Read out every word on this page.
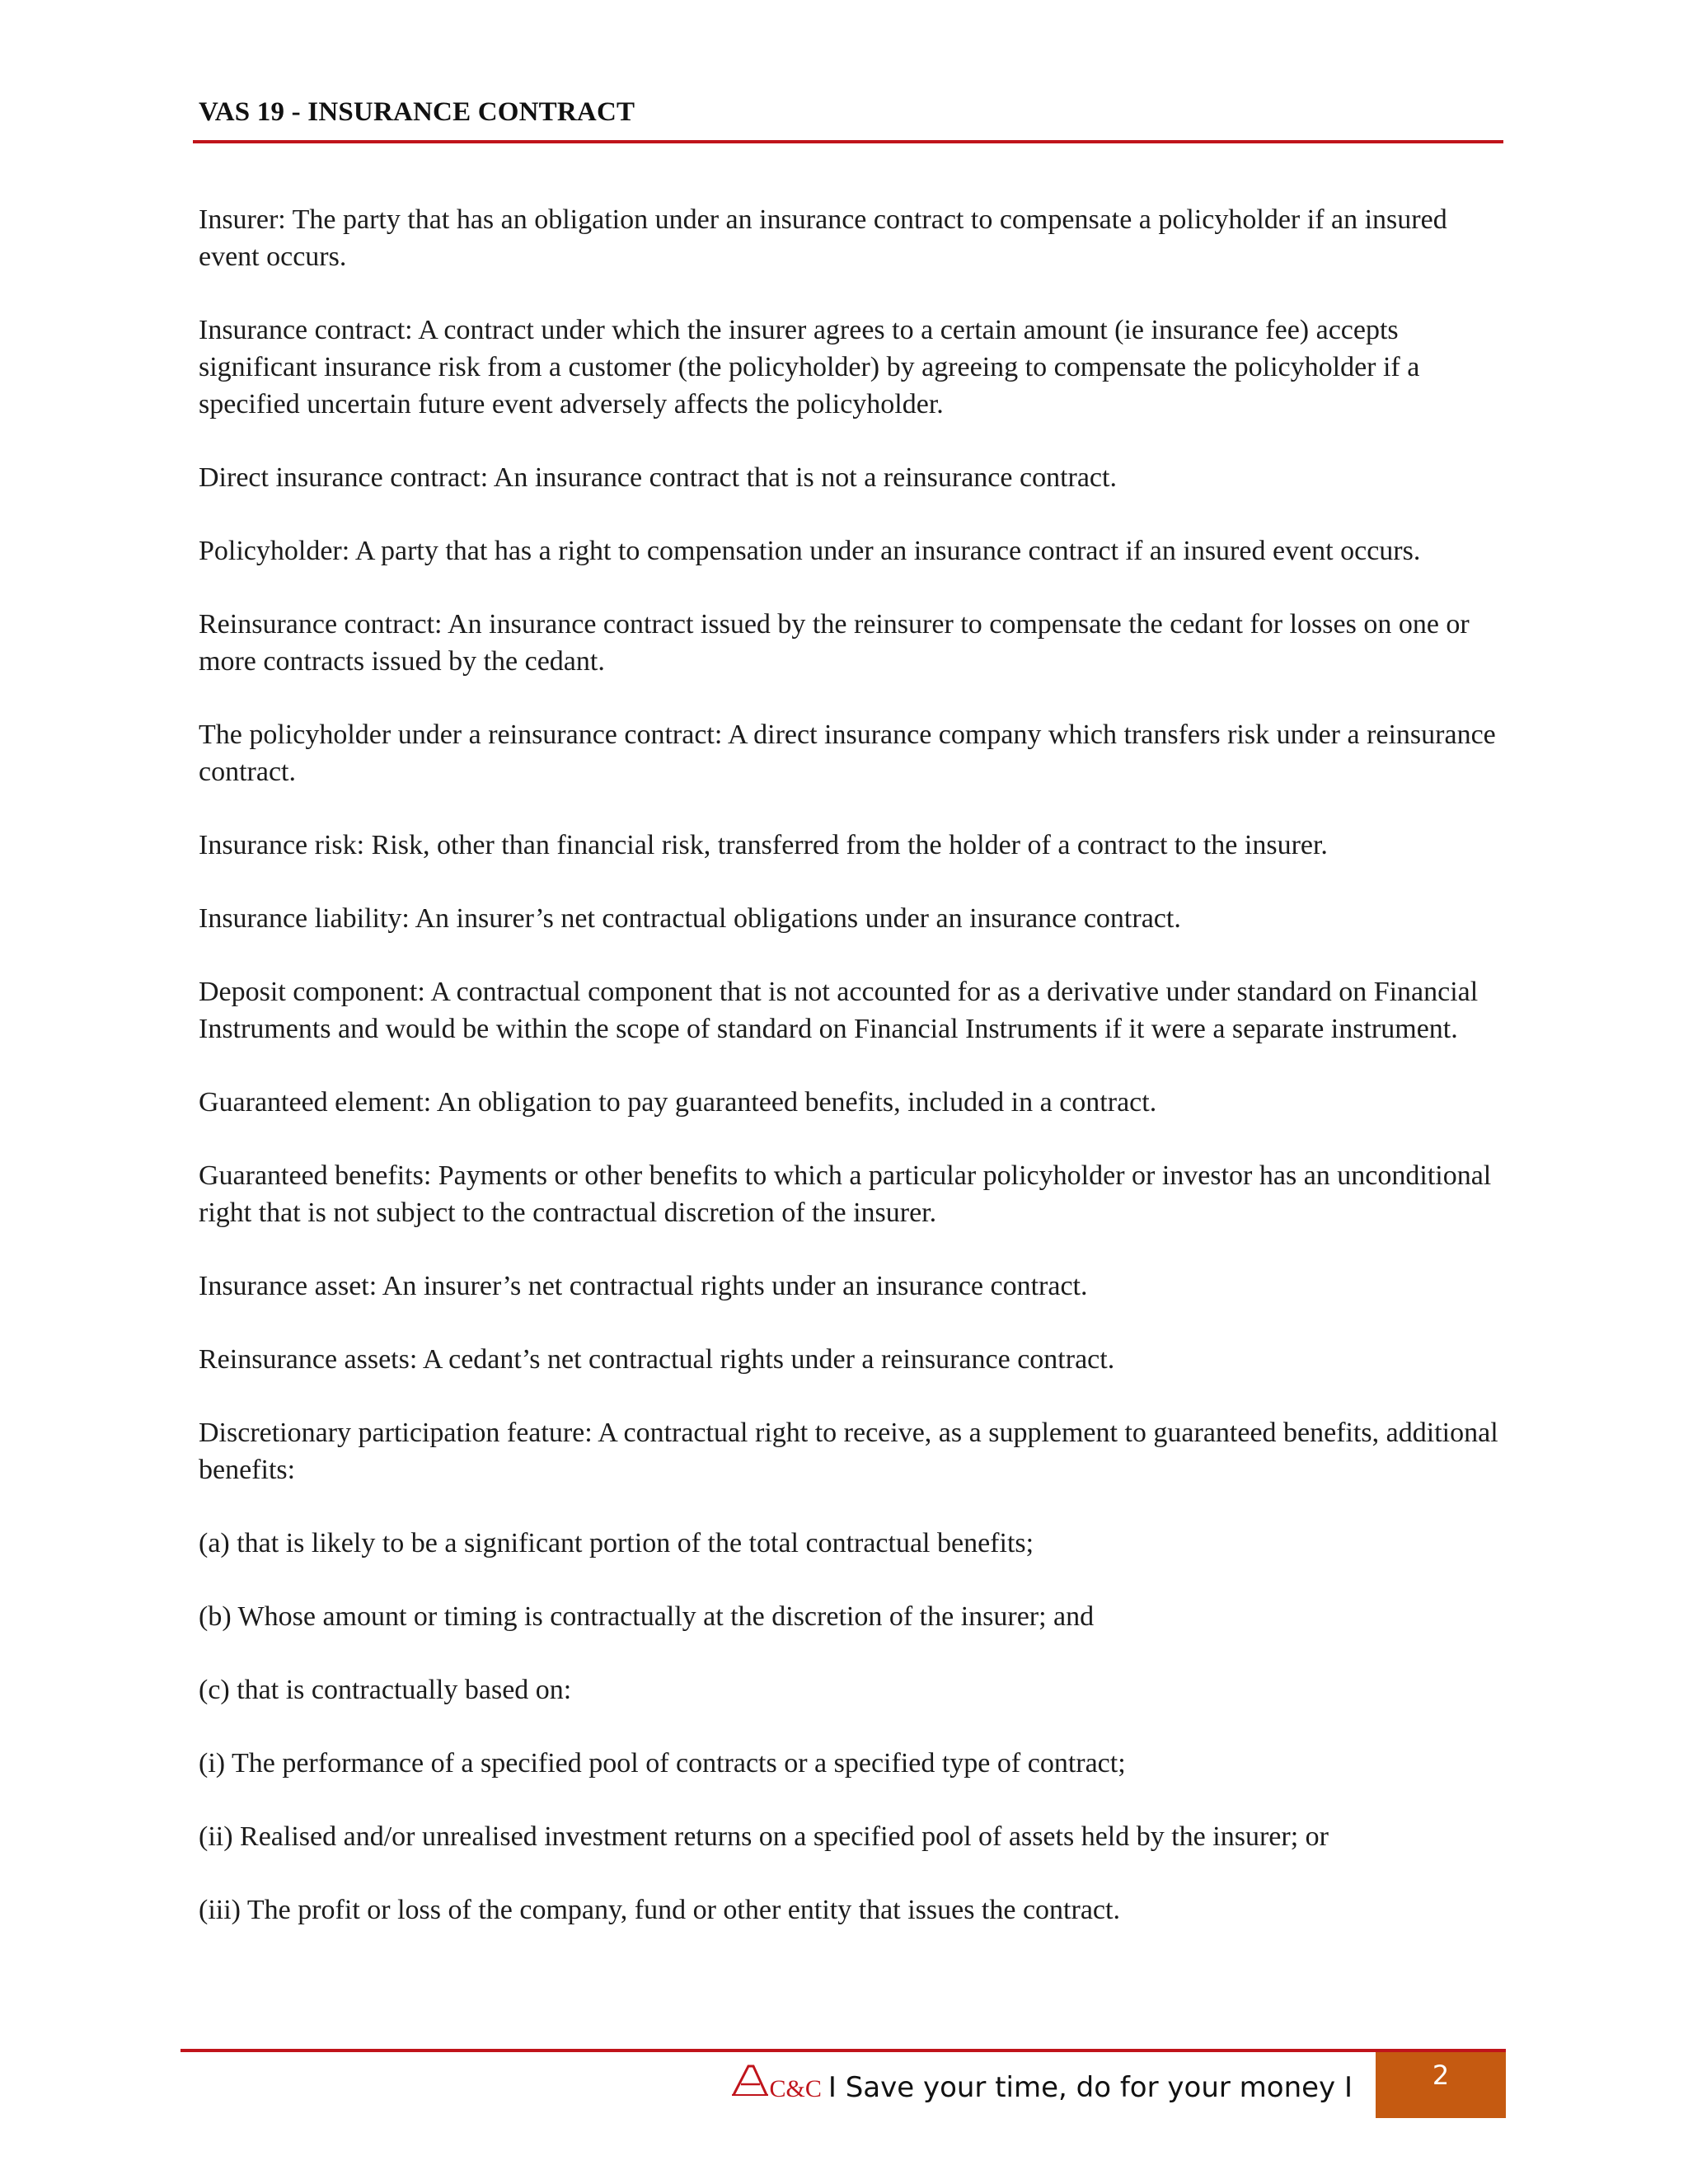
VAS 19 - INSURANCE CONTRACT

Insurer: The party that has an obligation under an insurance contract to compensate a policyholder if an insured event occurs.

Insurance contract: A contract under which the insurer agrees to a certain amount (ie insurance fee) accepts significant insurance risk from a customer (the policyholder) by agreeing to compensate the policyholder if a specified uncertain future event adversely affects the policyholder.

Direct insurance contract: An insurance contract that is not a reinsurance contract.

Policyholder: A party that has a right to compensation under an insurance contract if an insured event occurs.

Reinsurance contract: An insurance contract issued by the reinsurer to compensate the cedant for losses on one or more contracts issued by the cedant.

The policyholder under a reinsurance contract: A direct insurance company which transfers risk under a reinsurance contract.

Insurance risk: Risk, other than financial risk, transferred from the holder of a contract to the insurer.

Insurance liability: An insurer’s net contractual obligations under an insurance contract.

Deposit component: A contractual component that is not accounted for as a derivative under standard on Financial Instruments and would be within the scope of standard on Financial Instruments if it were a separate instrument.

Guaranteed element: An obligation to pay guaranteed benefits, included in a contract.

Guaranteed benefits: Payments or other benefits to which a particular policyholder or investor has an unconditional right that is not subject to the contractual discretion of the insurer.

Insurance asset: An insurer’s net contractual rights under an insurance contract.

Reinsurance assets: A cedant’s net contractual rights under a reinsurance contract.

Discretionary participation feature: A contractual right to receive, as a supplement to guaranteed benefits, additional benefits:

(a) that is likely to be a significant portion of the total contractual benefits;

(b) Whose amount or timing is contractually at the discretion of the insurer; and

(c) that is contractually based on:

(i) The performance of a specified pool of contracts or a specified type of contract;

(ii) Realised and/or unrealised investment returns on a specified pool of assets held by the insurer; or

(iii) The profit or loss of the company, fund or other entity that issues the contract.

C&C I Save your time, do for your money I	2
